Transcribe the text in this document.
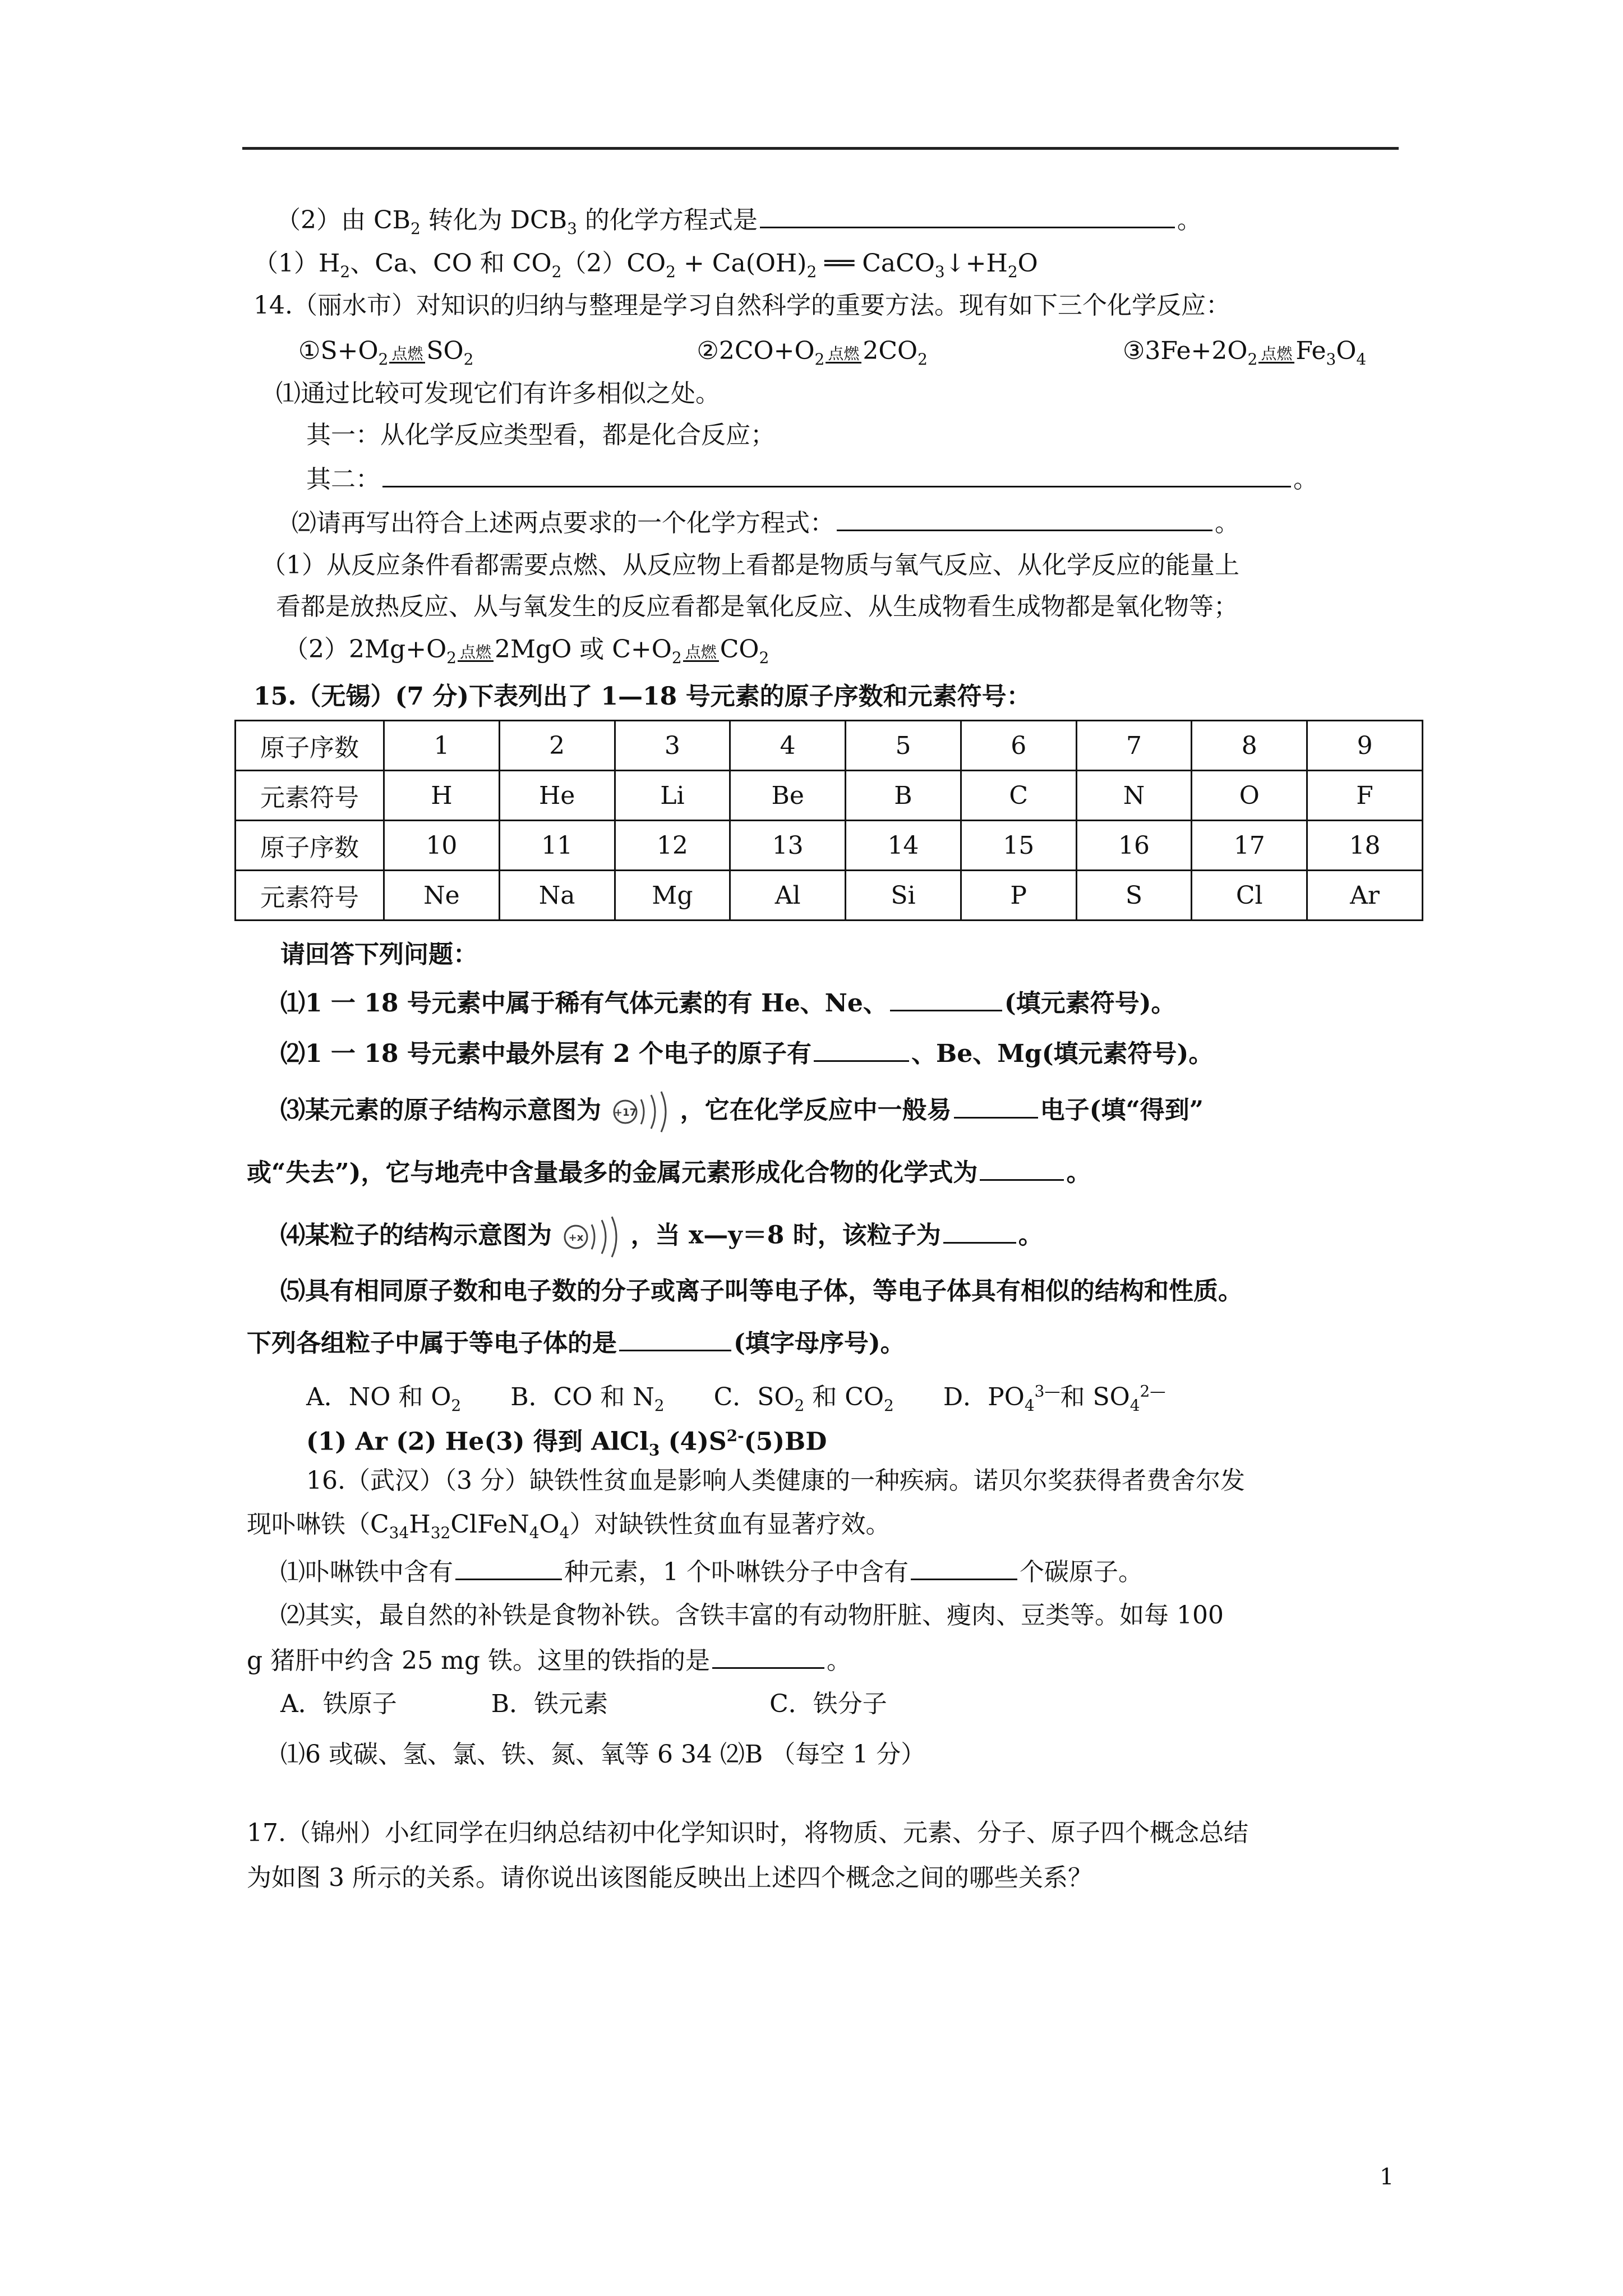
（2）由 $CB_2$ 转化为 $DCB_3$ 的化学方程式是	。
$(1)H_2$、Ca、CO 和 $CO_2(2)CO_2 + Ca(OH)_2$ ══ $CaCO_3↓+H_2O$
14.（丽水市）对知识的归纳与整理是学习自然科学的重要方法。现有如下三个化学反应：
$①S+O_2$ 点燃 $SO_2$	$②2CO+O_2$ 点燃 $2CO_2$	$③3Fe+2O_2$ 点燃 $Fe_3O_4$
⑴通过比较可发现它们有许多相似之处。
其一：从化学反应类型看，都是化合反应；
其二：	。
⑵请再写出符合上述两点要求的一个化学方程式：	。
（1）从反应条件看都需要点燃、从反应物上看都是物质与氧气反应、从化学反应的能量上
看都是放热反应、从与氧发生的反应看都是氧化反应、从生成物看生成物都是氧化物等；
$(2)2Mg+O_2$ 点燃 2MgO 或 $C+O_2$ 点燃 $CO_2$
15.（无锡）(7 分)下表列出了 1—18 号元素的原子序数和元素符号：
原子序数	1	2	3	4	5	6	7	8	9
元素符号	H	He	Li	Be	B	C	N	O	F
原子序数	10	11	12	13	14	15	16	17	18
元素符号	Ne	Na	Mg	Al	Si	P	S	Cl	Ar
请回答下列问题：
⑴1 一 18 号元素中属于稀有气体元素的有 He、Ne、	(填元素符号)。
⑵1 一 18 号元素中最外层有 2 个电子的原子有	、Be、Mg(填元素符号)。
⑶某元素的原子结构示意图为 +17 ，它在化学反应中一般易	电子(填“得到”
或“失去”)，它与地壳中含量最多的金属元素形成化合物的化学式为	。
⑷某粒子的结构示意图为 +x ，当 x—y＝8 时，该粒子为	。
⑸具有相同原子数和电子数的分子或离子叫等电子体，等电子体具有相似的结构和性质。
下列各组粒子中属于等电子体的是	(填字母序号)。
A．NO 和 $O_2$ B．CO 和 $N_2$ C．$SO_2$ 和 $CO_2$ D．$PO_4^{3—}$和 $SO_4^{2—}$
(1) Ar (2) He(3) 得到 AlCl$_3$ $(4)S^{2-}(5)BD$
16.（武汉）（3 分）缺铁性贫血是影响人类健康的一种疾病。诺贝尔奖获得者费舍尔发
现卟啉铁$(C_{34}H_{32}ClFeN_4O_4)$对缺铁性贫血有显著疗效。
⑴卟啉铁中含有	种元素，1 个卟啉铁分子中含有	个碳原子。
⑵其实，最自然的补铁是食物补铁。含铁丰富的有动物肝脏、瘦肉、豆类等。如每 100
g 猪肝中约含 25 mg 铁。这里的铁指的是	。
A．铁原子	B．铁元素	C．铁分子
⑴6 或碳、氢、氯、铁、氮、氧等 6 34 ⑵B （每空 1 分）
17.（锦州）小红同学在归纳总结初中化学知识时，将物质、元素、分子、原子四个概念总结
为如图 3 所示的关系。请你说出该图能反映出上述四个概念之间的哪些关系？
1
